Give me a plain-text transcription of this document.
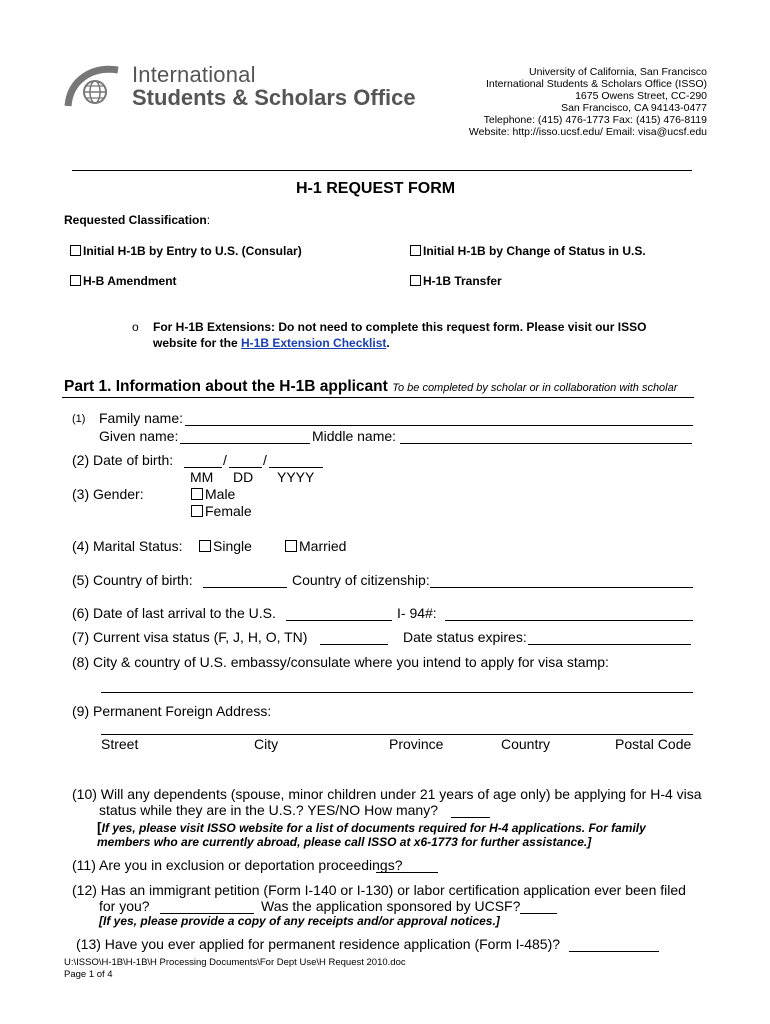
International
Students & Scholars Office
University of California, San Francisco
International Students & Scholars Office (ISSO)
1675 Owens Street, CC-290
San Francisco, CA 94143-0477
Telephone: (415) 476-1773 Fax: (415) 476-8119
Website: http://isso.ucsf.edu/ Email: visa@ucsf.edu
H-1 REQUEST FORM
Requested Classification:
Initial H-1B by Entry to U.S. (Consular)	Initial H-1B by Change of Status in U.S.
H-B Amendment	H-1B Transfer
o For H-1B Extensions: Do not need to complete this request form. Please visit our ISSO
website for the H-1B Extension Checklist.
Part 1. Information about the H-1B applicant To be completed by scholar or in collaboration with scholar
(1) Family name:
Given name:	Middle name:
(2) Date of birth:	/	/
MM DD YYYY
(3) Gender:	Male
Female
(4) Marital Status:	Single	Married
(5) Country of birth:	Country of citizenship:
(6) Date of last arrival to the U.S.	I- 94#:
(7) Current visa status (F, J, H, O, TN)	Date status expires:
(8) City & country of U.S. embassy/consulate where you intend to apply for visa stamp:
(9) Permanent Foreign Address:
Street	City	Province	Country	Postal Code
(10) Will any dependents (spouse, minor children under 21 years of age only) be applying for H-4 visa
status while they are in the U.S.? YES/NO How many?
[If yes, please visit ISSO website for a list of documents required for H-4 applications. For family
members who are currently abroad, please call ISSO at x6-1773 for further assistance.]
(11) Are you in exclusion or deportation proceedings?
(12) Has an immigrant petition (Form I-140 or I-130) or labor certification application ever been filed
for you?	Was the application sponsored by UCSF?
[If yes, please provide a copy of any receipts and/or approval notices.]
(13) Have you ever applied for permanent residence application (Form I-485)?
U:\ISSO\H-1B\H-1B\H Processing Documents\For Dept Use\H Request 2010.doc
Page 1 of 4
